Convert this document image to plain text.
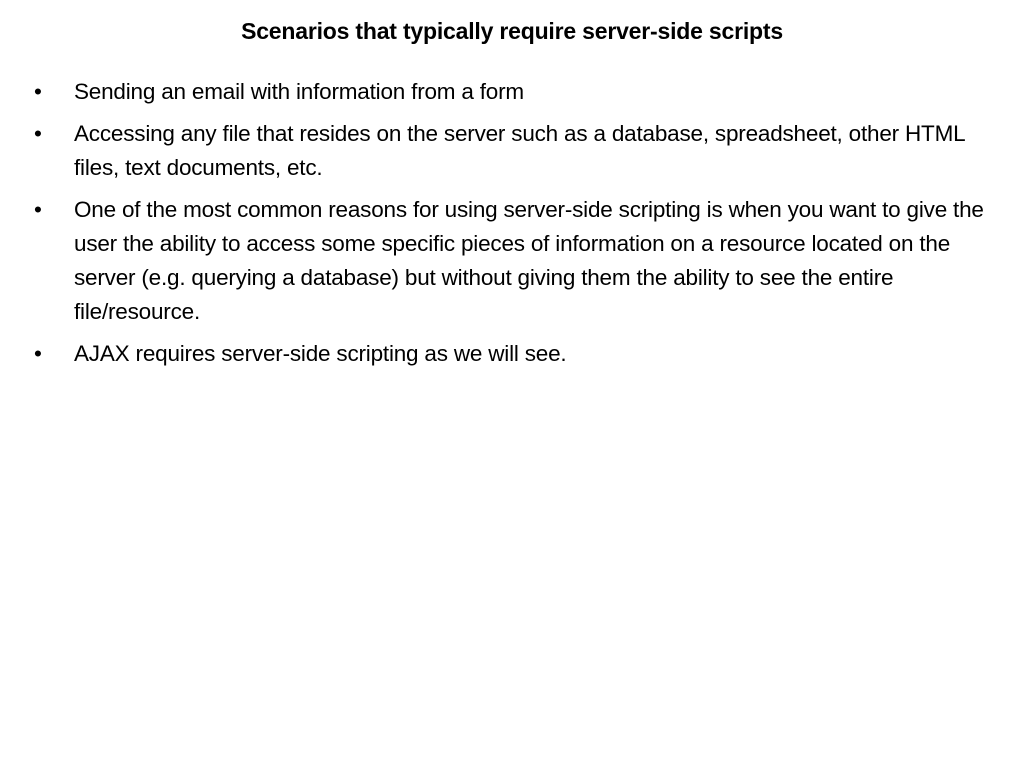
Scenarios that typically require server-side scripts
•	Sending an email with information from a form
•	Accessing any file that resides on the server such as a database, spreadsheet, other HTML files, text documents, etc.
•	One of the most common reasons for using server-side scripting is when you want to give the user the ability to access some specific pieces of information on a resource located on the server (e.g. querying a database) but without giving them the ability to see the entire file/resource.
•	AJAX requires server-side scripting as we will see.
